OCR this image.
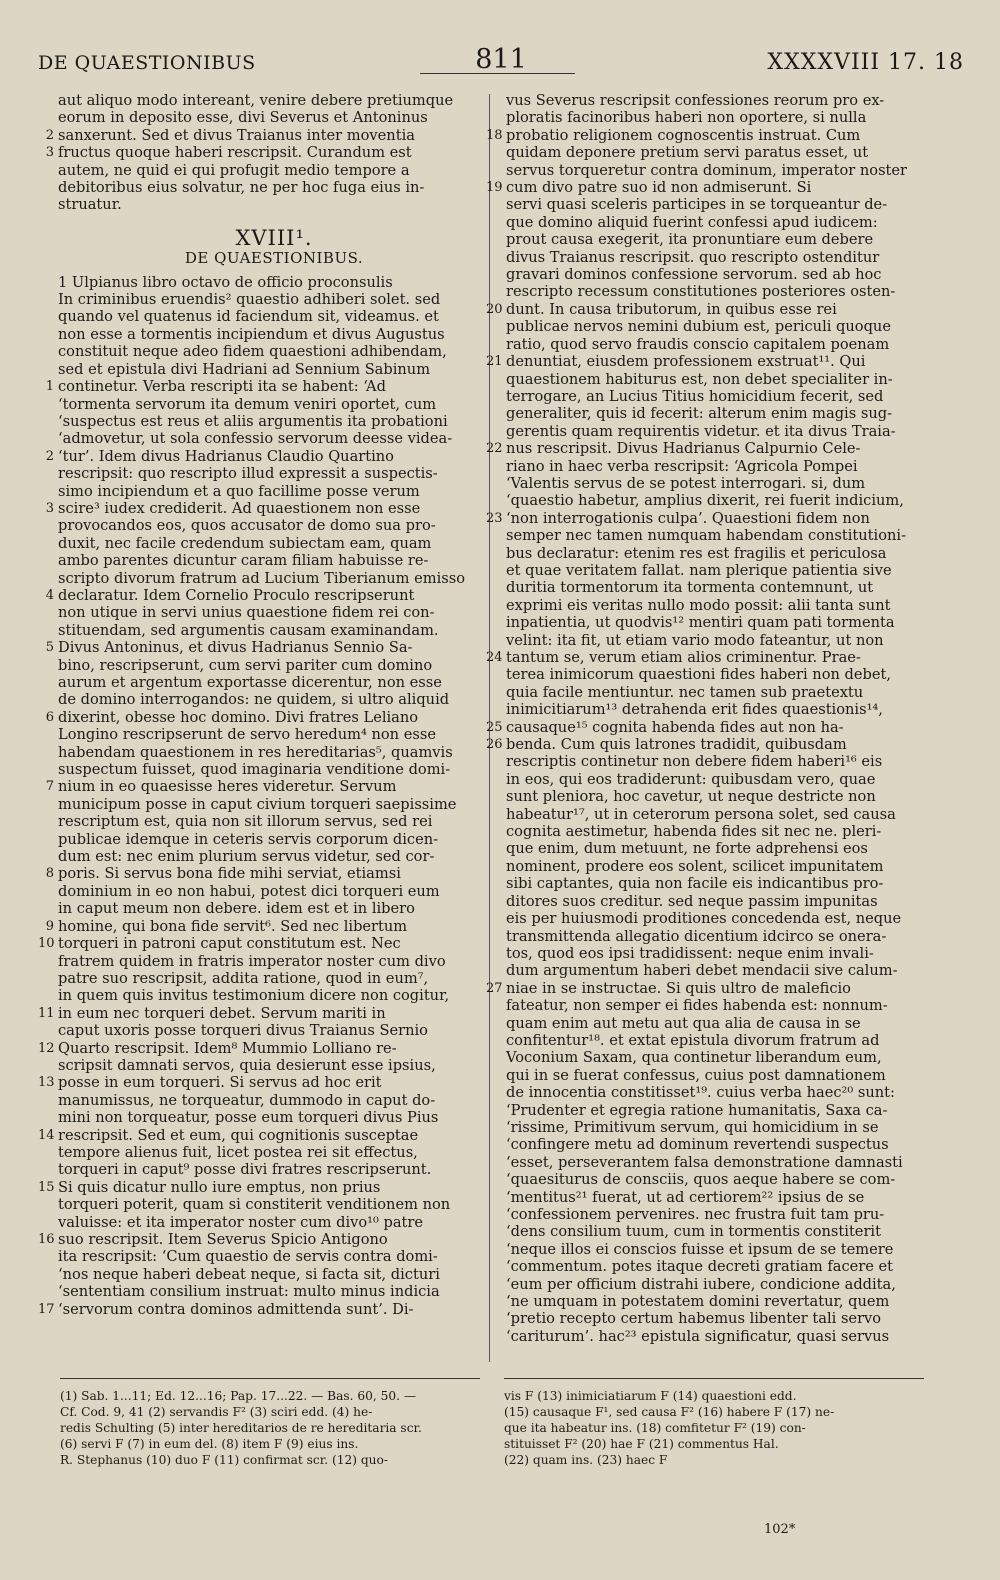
DE QUAESTIONIBUS	811	XXXXVIII 17. 18
aut aliquo modo intereant, venire debere pretiumque
eorum in deposito esse, divi Severus et Antoninus
2 sanxerunt. Sed et divus Traianus inter moventia
3 fructus quoque haberi rescripsit. Curandum est
autem, ne quid ei qui profugit medio tempore a
debitoribus eius solvatur, ne per hoc fuga eius in-
struatur.
XVIII¹.
DE QUAESTIONIBUS.
1 Ulpianus libro octavo de officio proconsulis
In criminibus eruendis² quaestio adhiberi solet. sed
quando vel quatenus id faciendum sit, videamus. et
non esse a tormentis incipiendum et divus Augustus
constituit neque adeo fidem quaestioni adhibendam,
sed et epistula divi Hadriani ad Sennium Sabinum
1 continetur. Verba rescripti ita se habent: ‘Ad
‘tormenta servorum ita demum veniri oportet, cum
‘suspectus est reus et aliis argumentis ita probationi
‘admovetur, ut sola confessio servorum deesse videa-
2 ‘tur’. Idem divus Hadrianus Claudio Quartino
rescripsit: quo rescripto illud expressit a suspectis-
simo incipiendum et a quo facillime posse verum
3 scire³ iudex crediderit. Ad quaestionem non esse
provocandos eos, quos accusator de domo sua pro-
duxit, nec facile credendum subiectam eam, quam
ambo parentes dicuntur caram filiam habuisse re-
scripto divorum fratrum ad Lucium Tiberianum emisso
4 declaratur. Idem Cornelio Proculo rescripserunt
non utique in servi unius quaestione fidem rei con-
stituendam, sed argumentis causam examinandam.
5 Divus Antoninus, et divus Hadrianus Sennio Sa-
bino, rescripserunt, cum servi pariter cum domino
aurum et argentum exportasse dicerentur, non esse
de domino interrogandos: ne quidem, si ultro aliquid
6 dixerint, obesse hoc domino. Divi fratres Leliano
Longino rescripserunt de servo heredum⁴ non esse
habendam quaestionem in res hereditarias⁵, quamvis
suspectum fuisset, quod imaginaria venditione domi-
7 nium in eo quaesisse heres videretur. Servum
municipum posse in caput civium torqueri saepissime
rescriptum est, quia non sit illorum servus, sed rei
publicae idemque in ceteris servis corporum dicen-
dum est: nec enim plurium servus videtur, sed cor-
8 poris. Si servus bona fide mihi serviat, etiamsi
dominium in eo non habui, potest dici torqueri eum
in caput meum non debere. idem est et in libero
9 homine, qui bona fide servit⁶. Sed nec libertum
10 torqueri in patroni caput constitutum est. Nec
fratrem quidem in fratris imperator noster cum divo
patre suo rescripsit, addita ratione, quod in eum⁷,
in quem quis invitus testimonium dicere non cogitur,
11 in eum nec torqueri debet. Servum mariti in
caput uxoris posse torqueri divus Traianus Sernio
12 Quarto rescripsit. Idem⁸ Mummio Lolliano re-
scripsit damnati servos, quia desierunt esse ipsius,
13 posse in eum torqueri. Si servus ad hoc erit
manumissus, ne torqueatur, dummodo in caput do-
mini non torqueatur, posse eum torqueri divus Pius
14 rescripsit. Sed et eum, qui cognitionis susceptae
tempore alienus fuit, licet postea rei sit effectus,
torqueri in caput⁹ posse divi fratres rescripserunt.
15 Si quis dicatur nullo iure emptus, non prius
torqueri poterit, quam si constiterit venditionem non
valuisse: et ita imperator noster cum divo¹⁰ patre
16 suo rescripsit. Item Severus Spicio Antigono
ita rescripsit: ‘Cum quaestio de servis contra domi-
‘nos neque haberi debeat neque, si facta sit, dicturi
‘sententiam consilium instruat: multo minus indicia
17 ‘servorum contra dominos admittenda sunt’. Di-
vus Severus rescripsit confessiones reorum pro ex-
ploratis facinoribus haberi non oportere, si nulla
18 probatio religionem cognoscentis instruat. Cum
quidam deponere pretium servi paratus esset, ut
servus torqueretur contra dominum, imperator noster
19 cum divo patre suo id non admiserunt. Si
servi quasi sceleris participes in se torqueantur de-
que domino aliquid fuerint confessi apud iudicem:
prout causa exegerit, ita pronuntiare eum debere
divus Traianus rescripsit. quo rescripto ostenditur
gravari dominos confessione servorum. sed ab hoc
rescripto recessum constitutiones posteriores osten-
20 dunt. In causa tributorum, in quibus esse rei
publicae nervos nemini dubium est, periculi quoque
ratio, quod servo fraudis conscio capitalem poenam
21 denuntiat, eiusdem professionem exstruat¹¹. Qui
quaestionem habiturus est, non debet specialiter in-
terrogare, an Lucius Titius homicidium fecerit, sed
generaliter, quis id fecerit: alterum enim magis sug-
gerentis quam requirentis videtur. et ita divus Traia-
22 nus rescripsit. Divus Hadrianus Calpurnio Cele-
riano in haec verba rescripsit: ‘Agricola Pompei
‘Valentis servus de se potest interrogari. si, dum
‘quaestio habetur, amplius dixerit, rei fuerit indicium,
23 ‘non interrogationis culpa’. Quaestioni fidem non
semper nec tamen numquam habendam constitutioni-
bus declaratur: etenim res est fragilis et periculosa
et quae veritatem fallat. nam plerique patientia sive
duritia tormentorum ita tormenta contemnunt, ut
exprimi eis veritas nullo modo possit: alii tanta sunt
inpatientia, ut quodvis¹² mentiri quam pati tormenta
velint: ita fit, ut etiam vario modo fateantur, ut non
24 tantum se, verum etiam alios criminentur. Prae-
terea inimicorum quaestioni fides haberi non debet,
quia facile mentiuntur. nec tamen sub praetextu
inimicitiarum¹³ detrahenda erit fides quaestionis¹⁴,
25 causaque¹⁵ cognita habenda fides aut non ha-
26 benda. Cum quis latrones tradidit, quibusdam
rescriptis continetur non debere fidem haberi¹⁶ eis
in eos, qui eos tradiderunt: quibusdam vero, quae
sunt pleniora, hoc cavetur, ut neque destricte non
habeatur¹⁷, ut in ceterorum persona solet, sed causa
cognita aestimetur, habenda fides sit nec ne. pleri-
que enim, dum metuunt, ne forte adprehensi eos
nominent, prodere eos solent, scilicet impunitatem
sibi captantes, quia non facile eis indicantibus pro-
ditores suos creditur. sed neque passim impunitas
eis per huiusmodi proditiones concedenda est, neque
transmittenda allegatio dicentium idcirco se onera-
tos, quod eos ipsi tradidissent: neque enim invali-
dum argumentum haberi debet mendacii sive calum-
27 niae in se instructae. Si quis ultro de maleficio
fateatur, non semper ei fides habenda est: nonnum-
quam enim aut metu aut qua alia de causa in se
confitentur¹⁸. et extat epistula divorum fratrum ad
Voconium Saxam, qua continetur liberandum eum,
qui in se fuerat confessus, cuius post damnationem
de innocentia constitisset¹⁹. cuius verba haec²⁰ sunt:
‘Prudenter et egregia ratione humanitatis, Saxa ca-
‘rissime, Primitivum servum, qui homicidium in se
‘confingere metu ad dominum revertendi suspectus
‘esset, perseverantem falsa demonstratione damnasti
‘quaesiturus de consciis, quos aeque habere se com-
‘mentitus²¹ fuerat, ut ad certiorem²² ipsius de se
‘confessionem pervenires. nec frustra fuit tam pru-
‘dens consilium tuum, cum in tormentis constiterit
‘neque illos ei conscios fuisse et ipsum de se temere
‘commentum. potes itaque decreti gratiam facere et
‘eum per officium distrahi iubere, condicione addita,
‘ne umquam in potestatem domini revertatur, quem
‘pretio recepto certum habemus libenter tali servo
‘cariturum’. hac²³ epistula significatur, quasi servus
(1) Sab. 1...11; Ed. 12...16; Pap. 17...22. — Bas. 60, 50. —
Cf. Cod. 9, 41 (2) servandis F² (3) sciri edd. (4) he-
redis Schulting (5) inter hereditarios de re hereditaria scr.
(6) servi F (7) in eum del. (8) item F (9) eius ins.
R. Stephanus (10) duo F (11) confirmat scr. (12) quo-
vis F (13) inimiciatiarum F (14) quaestioni edd.
(15) causaque F¹, sed causa F² (16) habere F (17) ne-
que ita habeatur ins. (18) comfitetur F² (19) con-
stituisset F² (20) hae F (21) commentus Hal.
(22) quam ins. (23) haec F
102*
